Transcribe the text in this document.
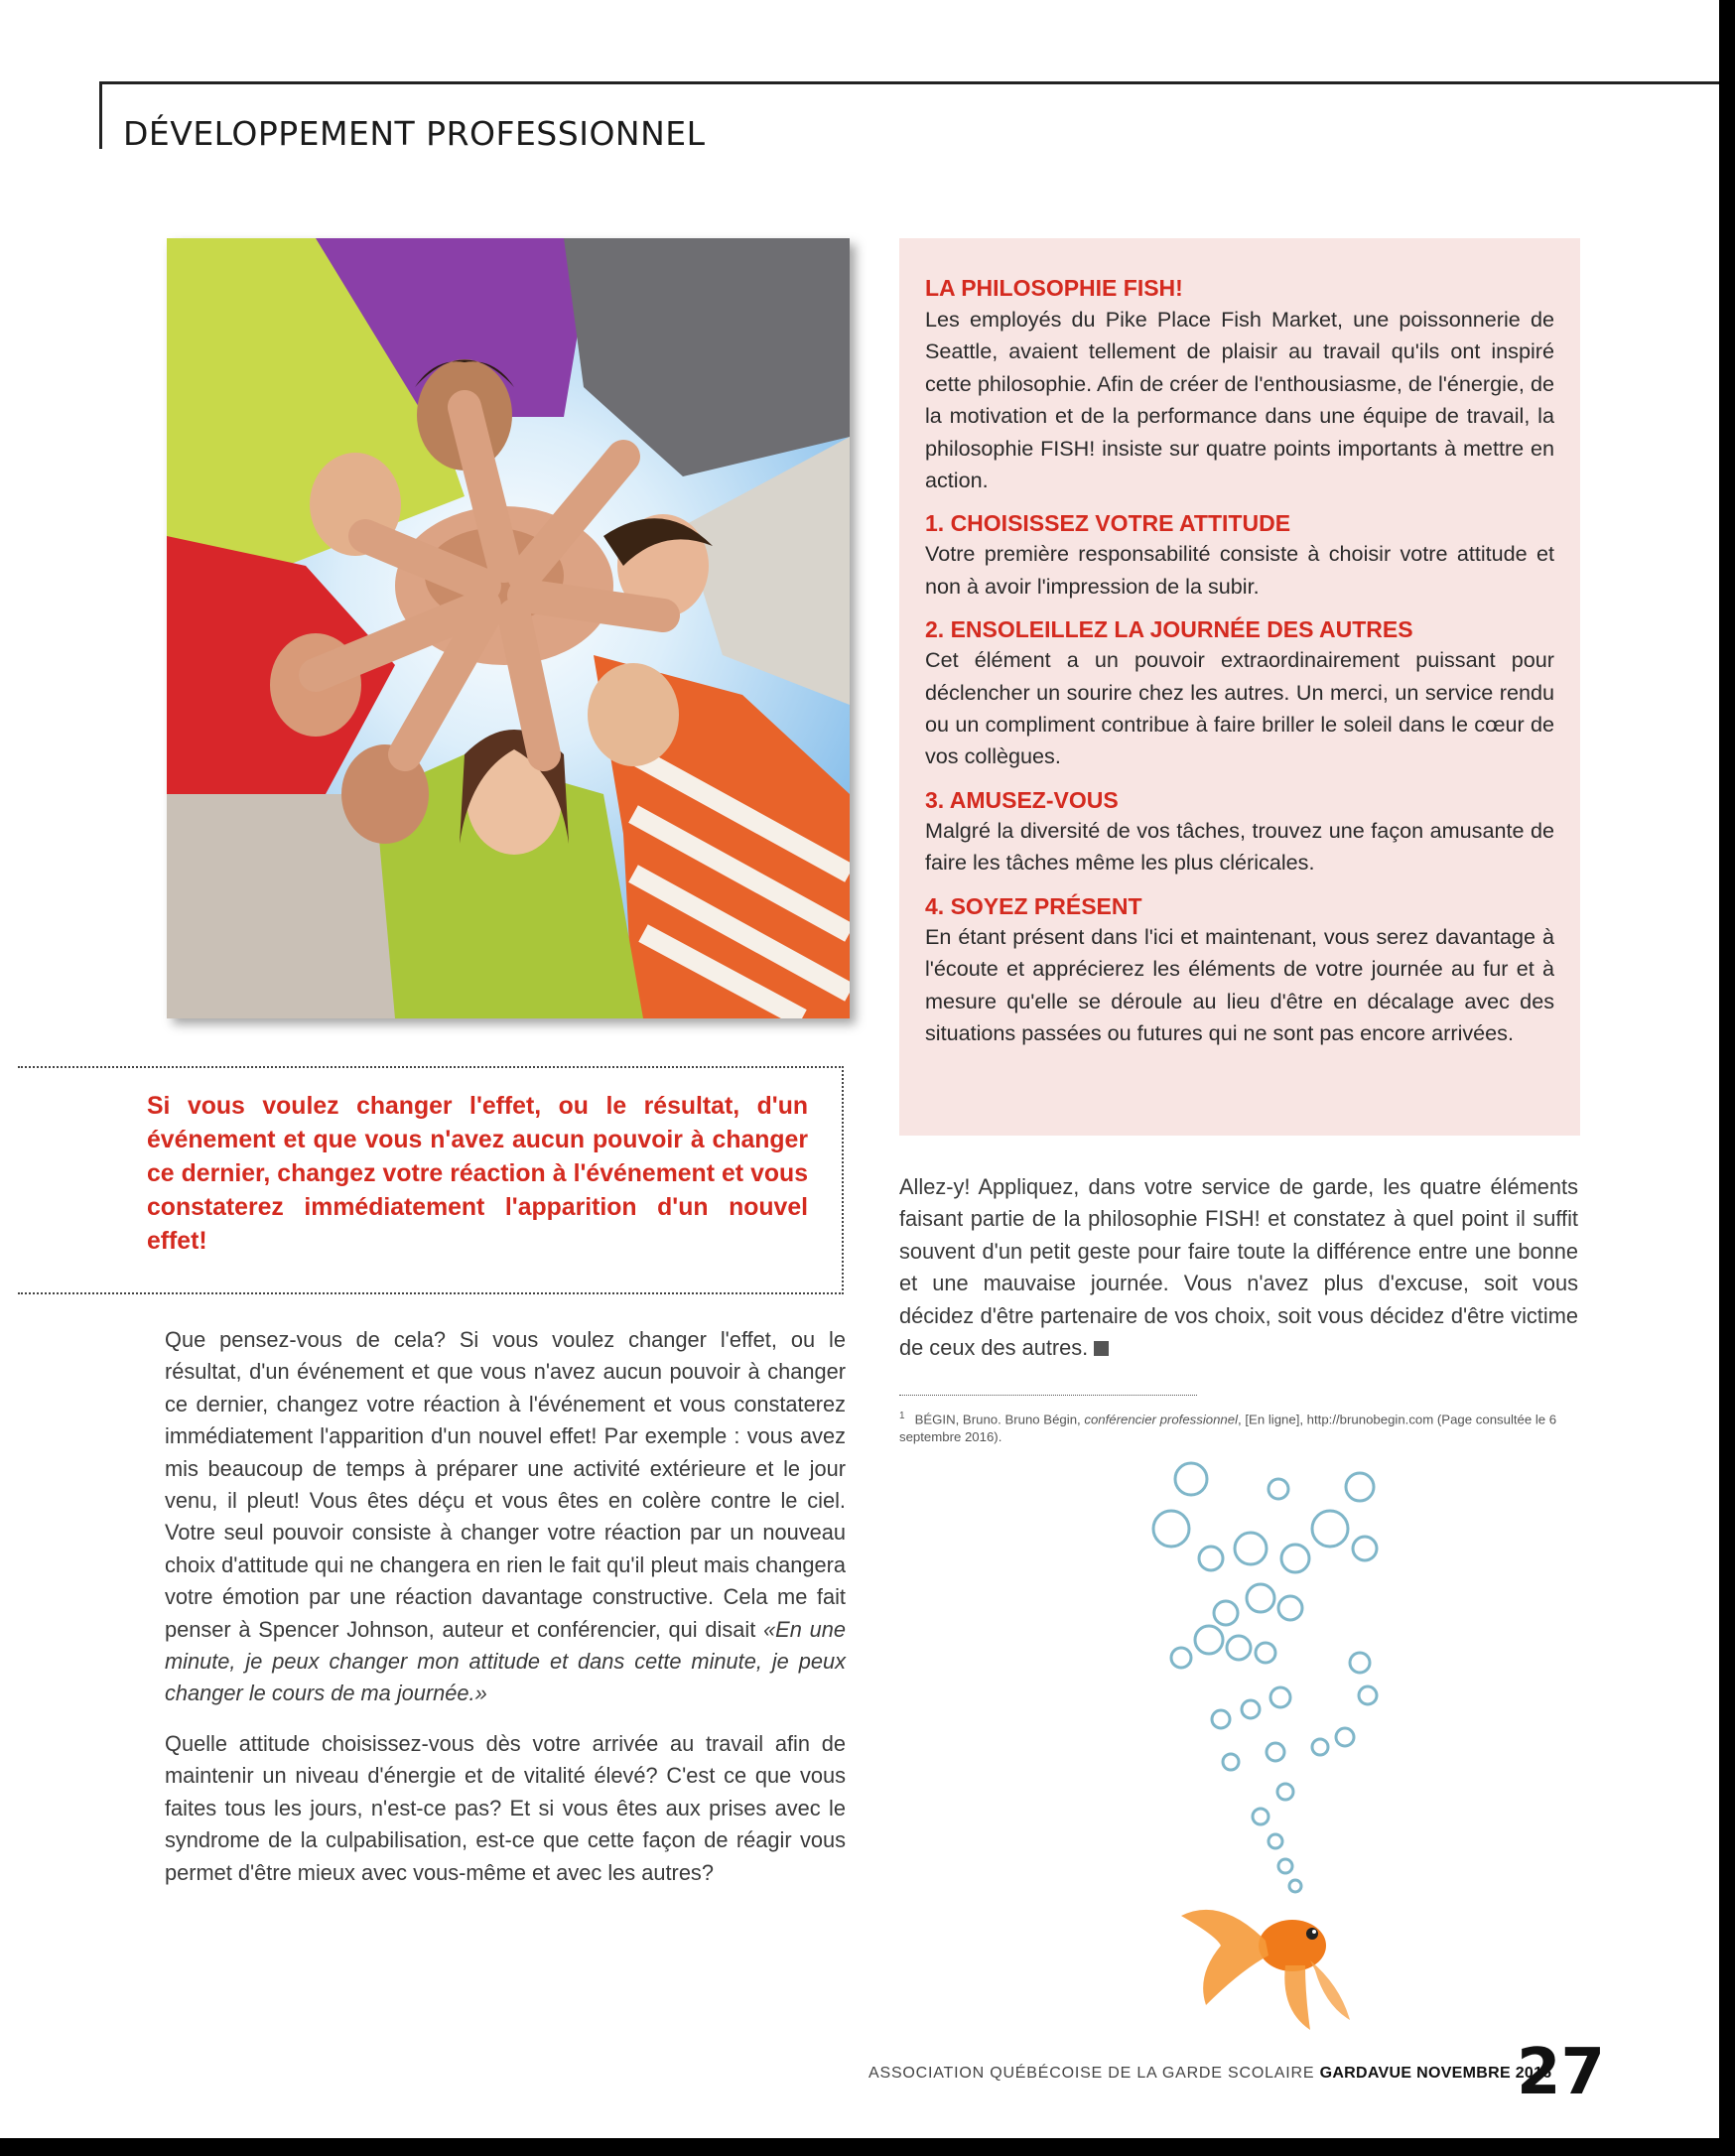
DÉVELOPPEMENT PROFESSIONNEL
Si vous voulez changer l'effet, ou le résultat, d'un événement et que vous n'avez aucun pouvoir à changer ce dernier, changez votre réaction à l'événement et vous constaterez immédiatement l'apparition d'un nouvel effet!

Que pensez-vous de cela? Si vous voulez changer l'effet, ou le résultat, d'un événement et que vous n'avez aucun pouvoir à changer ce dernier, changez votre réaction à l'événement et vous constaterez immédiatement l'apparition d'un nouvel effet! Par exemple : vous avez mis beaucoup de temps à préparer une activité extérieure et le jour venu, il pleut! Vous êtes déçu et vous êtes en colère contre le ciel. Votre seul pouvoir consiste à changer votre réaction par un nouveau choix d'attitude qui ne changera en rien le fait qu'il pleut mais changera votre émotion par une réaction davantage constructive. Cela me fait penser à Spencer Johnson, auteur et conférencier, qui disait «En une minute, je peux changer mon attitude et dans cette minute, je peux changer le cours de ma journée.»

Quelle attitude choisissez-vous dès votre arrivée au travail afin de maintenir un niveau d'énergie et de vitalité élevé? C'est ce que vous faites tous les jours, n'est-ce pas? Et si vous êtes aux prises avec le syndrome de la culpabilisation, est-ce que cette façon de réagir vous permet d'être mieux avec vous-même et avec les autres?

LA PHILOSOPHIE FISH!

Les employés du Pike Place Fish Market, une poissonnerie de Seattle, avaient tellement de plaisir au travail qu'ils ont inspiré cette philosophie. Afin de créer de l'enthousiasme, de l'énergie, de la motivation et de la performance dans une équipe de travail, la philosophie FISH! insiste sur quatre points importants à mettre en action.

1. CHOISISSEZ VOTRE ATTITUDE

Votre première responsabilité consiste à choisir votre attitude et non à avoir l'impression de la subir.

2. ENSOLEILLEZ LA JOURNÉE DES AUTRES

Cet élément a un pouvoir extraordinairement puissant pour déclencher un sourire chez les autres. Un merci, un service rendu ou un compliment contribue à faire briller le soleil dans le cœur de vos collègues.

3. AMUSEZ-VOUS

Malgré la diversité de vos tâches, trouvez une façon amusante de faire les tâches même les plus cléricales.

4. SOYEZ PRÉSENT

En étant présent dans l'ici et maintenant, vous serez davantage à l'écoute et apprécierez les éléments de votre journée au fur et à mesure qu'elle se déroule au lieu d'être en décalage avec des situations passées ou futures qui ne sont pas encore arrivées.

Allez-y! Appliquez, dans votre service de garde, les quatre éléments faisant partie de la philosophie FISH! et constatez à quel point il suffit souvent d'un petit geste pour faire toute la différence entre une bonne et une mauvaise journée. Vous n'avez plus d'excuse, soit vous décidez d'être partenaire de vos choix, soit vous décidez d'être victime de ceux des autres.

$^1$ BÉGIN, Bruno. Bruno Bégin, conférencier professionnel, [En ligne], http://brunobegin.com (Page consultée le 6 septembre 2016).
ASSOCIATION QUÉBÉCOISE DE LA GARDE SCOLAIRE GARDAVUE NOVEMBRE 2016
27
